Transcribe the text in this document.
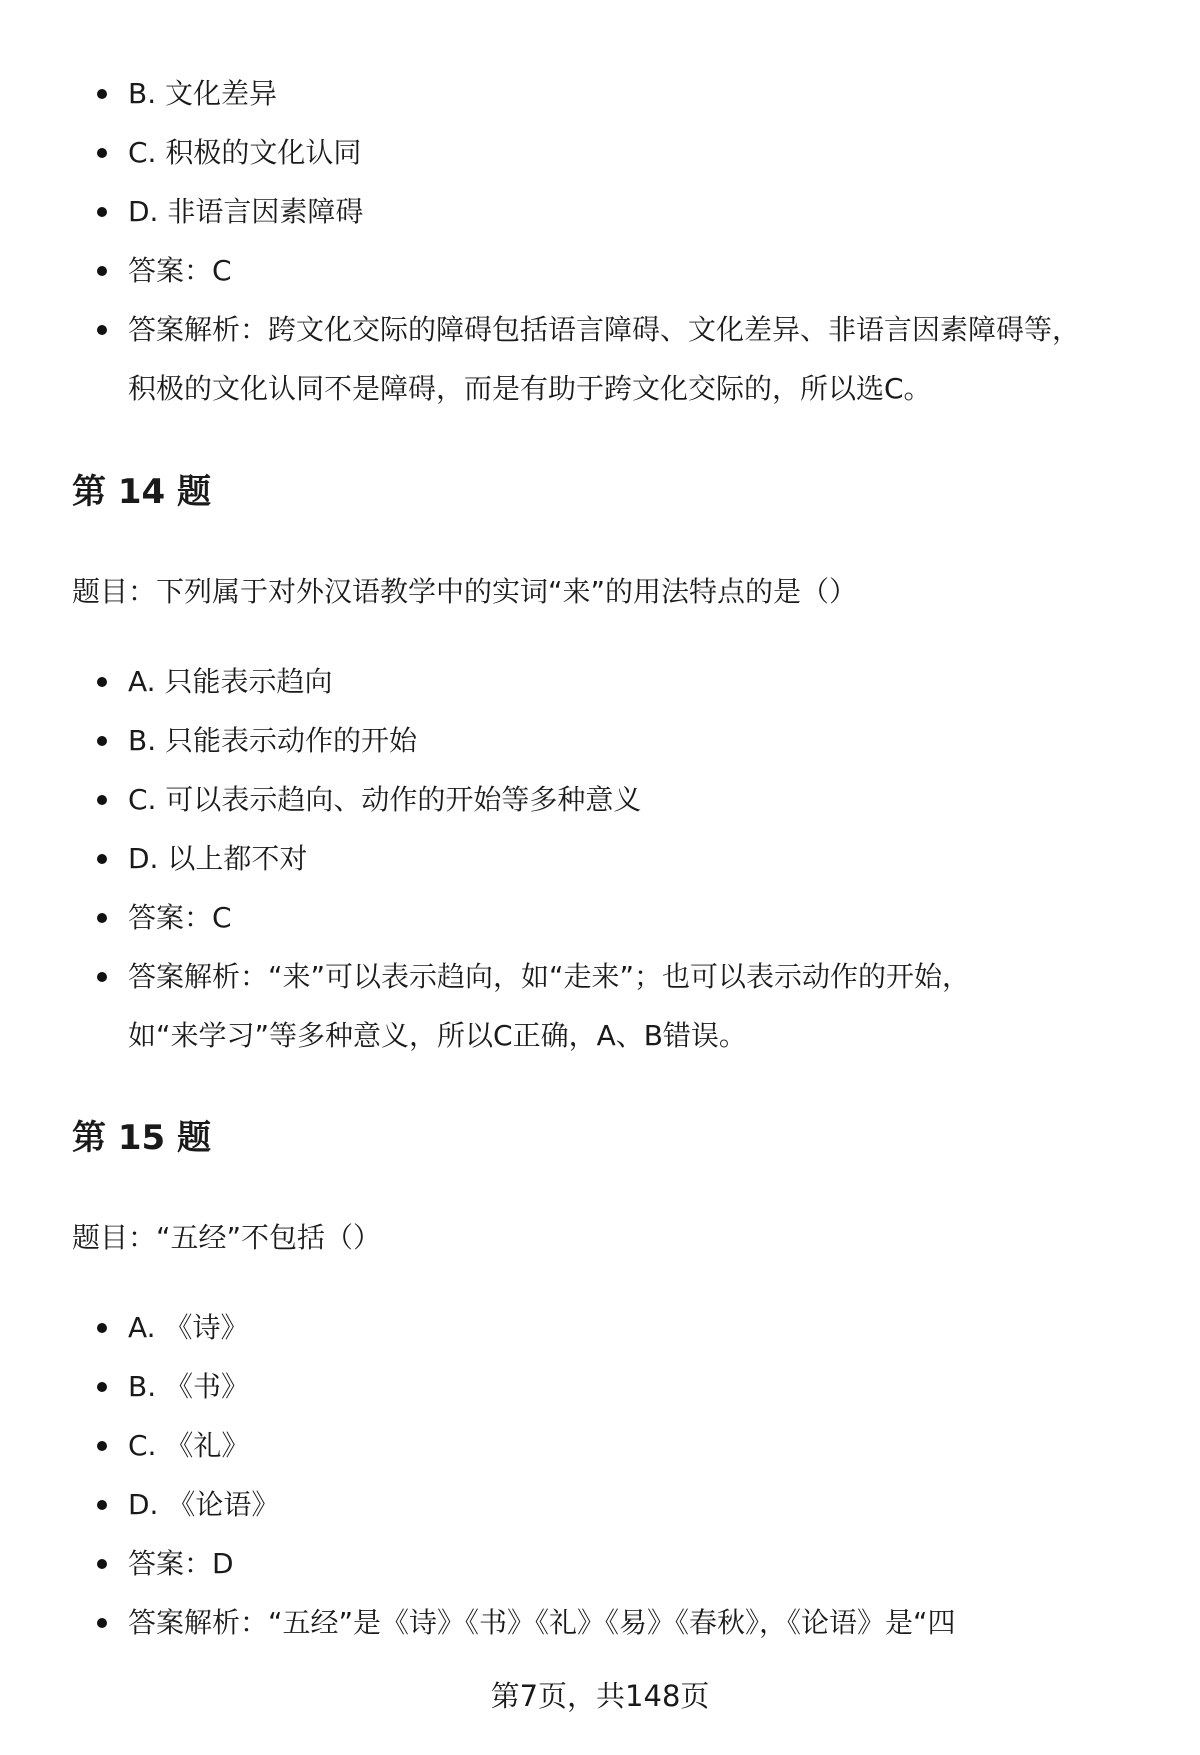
B. 文化差异
C. 积极的文化认同
D. 非语言因素障碍
答案：C
答案解析：跨文化交际的障碍包括语言障碍、文化差异、非语言因素障碍等，
积极的文化认同不是障碍，而是有助于跨文化交际的，所以选C。
第 14 题
题目：下列属于对外汉语教学中的实词“来”的用法特点的是（）
A. 只能表示趋向
B. 只能表示动作的开始
C. 可以表示趋向、动作的开始等多种意义
D. 以上都不对
答案：C
答案解析：“来”可以表示趋向，如“走来”；也可以表示动作的开始，
如“来学习”等多种意义，所以C正确，A、B错误。
第 15 题
题目：“五经”不包括（）
A. 《诗》
B. 《书》
C. 《礼》
D. 《论语》
答案：D
答案解析：“五经”是《诗》《书》《礼》《易》《春秋》，《论语》是“四
第7页，共148页
